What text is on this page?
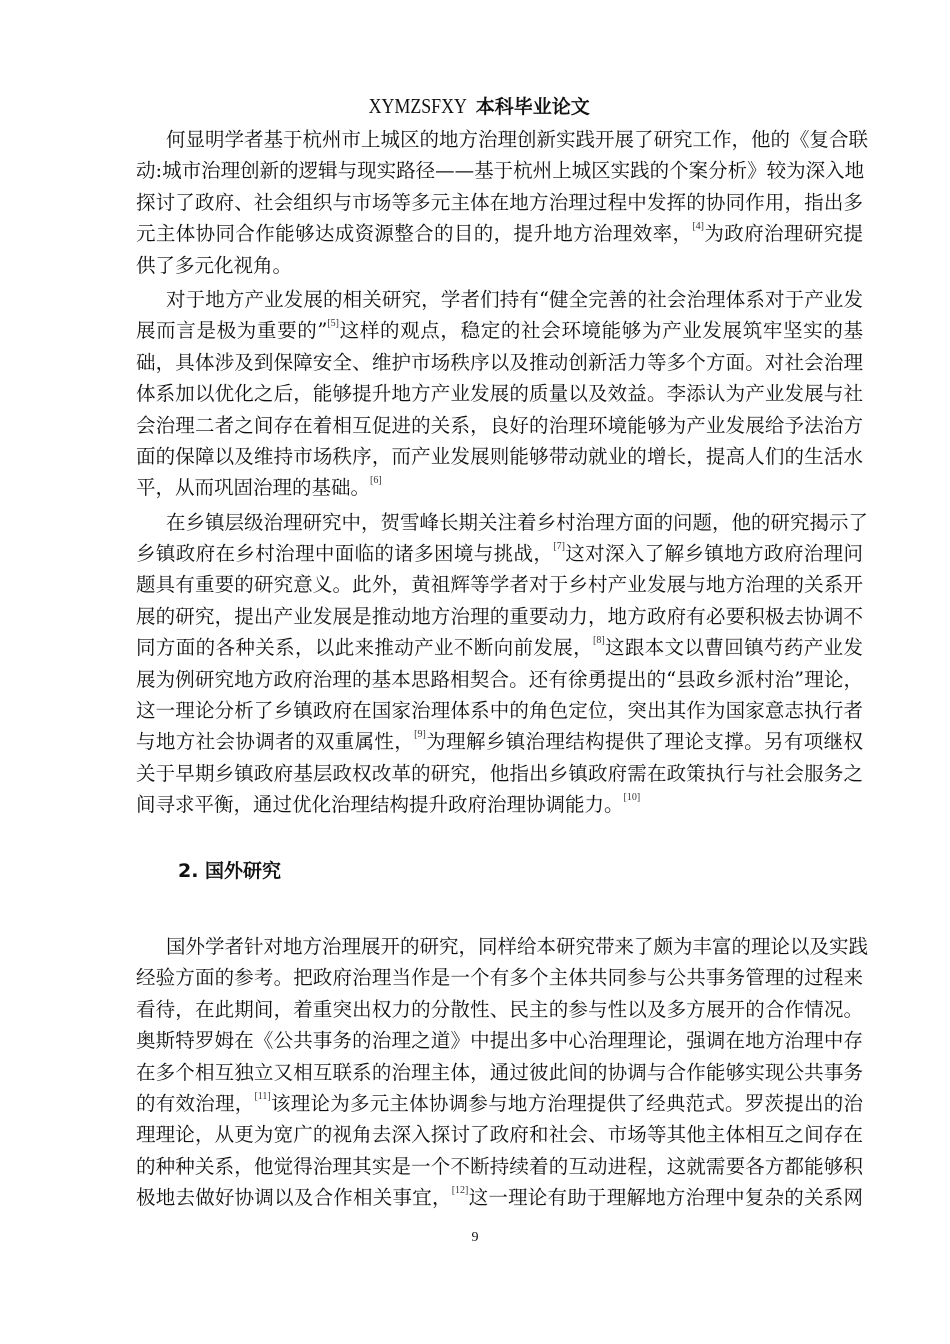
XYMZSFXY 本科毕业论文
何显明学者基于杭州市上城区的地方治理创新实践开展了研究工作，他的《复合联
动:城市治理创新的逻辑与现实路径——基于杭州上城区实践的个案分析》较为深入地
探讨了政府、社会组织与市场等多元主体在地方治理过程中发挥的协同作用，指出多
元主体协同合作能够达成资源整合的目的，提升地方治理效率，[4]为政府治理研究提
供了多元化视角。
对于地方产业发展的相关研究，学者们持有“健全完善的社会治理体系对于产业发
展而言是极为重要的”[5]这样的观点，稳定的社会环境能够为产业发展筑牢坚实的基
础，具体涉及到保障安全、维护市场秩序以及推动创新活力等多个方面。对社会治理
体系加以优化之后，能够提升地方产业发展的质量以及效益。李添认为产业发展与社
会治理二者之间存在着相互促进的关系，良好的治理环境能够为产业发展给予法治方
面的保障以及维持市场秩序，而产业发展则能够带动就业的增长，提高人们的生活水
平，从而巩固治理的基础。[6]
在乡镇层级治理研究中，贺雪峰长期关注着乡村治理方面的问题，他的研究揭示了
乡镇政府在乡村治理中面临的诸多困境与挑战，[7]这对深入了解乡镇地方政府治理问
题具有重要的研究意义。此外，黄祖辉等学者对于乡村产业发展与地方治理的关系开
展的研究，提出产业发展是推动地方治理的重要动力，地方政府有必要积极去协调不
同方面的各种关系，以此来推动产业不断向前发展，[8]这跟本文以曹回镇芍药产业发
展为例研究地方政府治理的基本思路相契合。还有徐勇提出的“县政乡派村治”理论，
这一理论分析了乡镇政府在国家治理体系中的角色定位，突出其作为国家意志执行者
与地方社会协调者的双重属性，[9]为理解乡镇治理结构提供了理论支撑。另有项继权
关于早期乡镇政府基层政权改革的研究，他指出乡镇政府需在政策执行与社会服务之
间寻求平衡，通过优化治理结构提升政府治理协调能力。[10]
2. 国外研究
国外学者针对地方治理展开的研究，同样给本研究带来了颇为丰富的理论以及实践
经验方面的参考。把政府治理当作是一个有多个主体共同参与公共事务管理的过程来
看待，在此期间，着重突出权力的分散性、民主的参与性以及多方展开的合作情况。
奥斯特罗姆在《公共事务的治理之道》中提出多中心治理理论，强调在地方治理中存
在多个相互独立又相互联系的治理主体，通过彼此间的协调与合作能够实现公共事务
的有效治理，[11]该理论为多元主体协调参与地方治理提供了经典范式。罗茨提出的治
理理论，从更为宽广的视角去深入探讨了政府和社会、市场等其他主体相互之间存在
的种种关系，他觉得治理其实是一个不断持续着的互动进程，这就需要各方都能够积
极地去做好协调以及合作相关事宜，[12]这一理论有助于理解地方治理中复杂的关系网
9
